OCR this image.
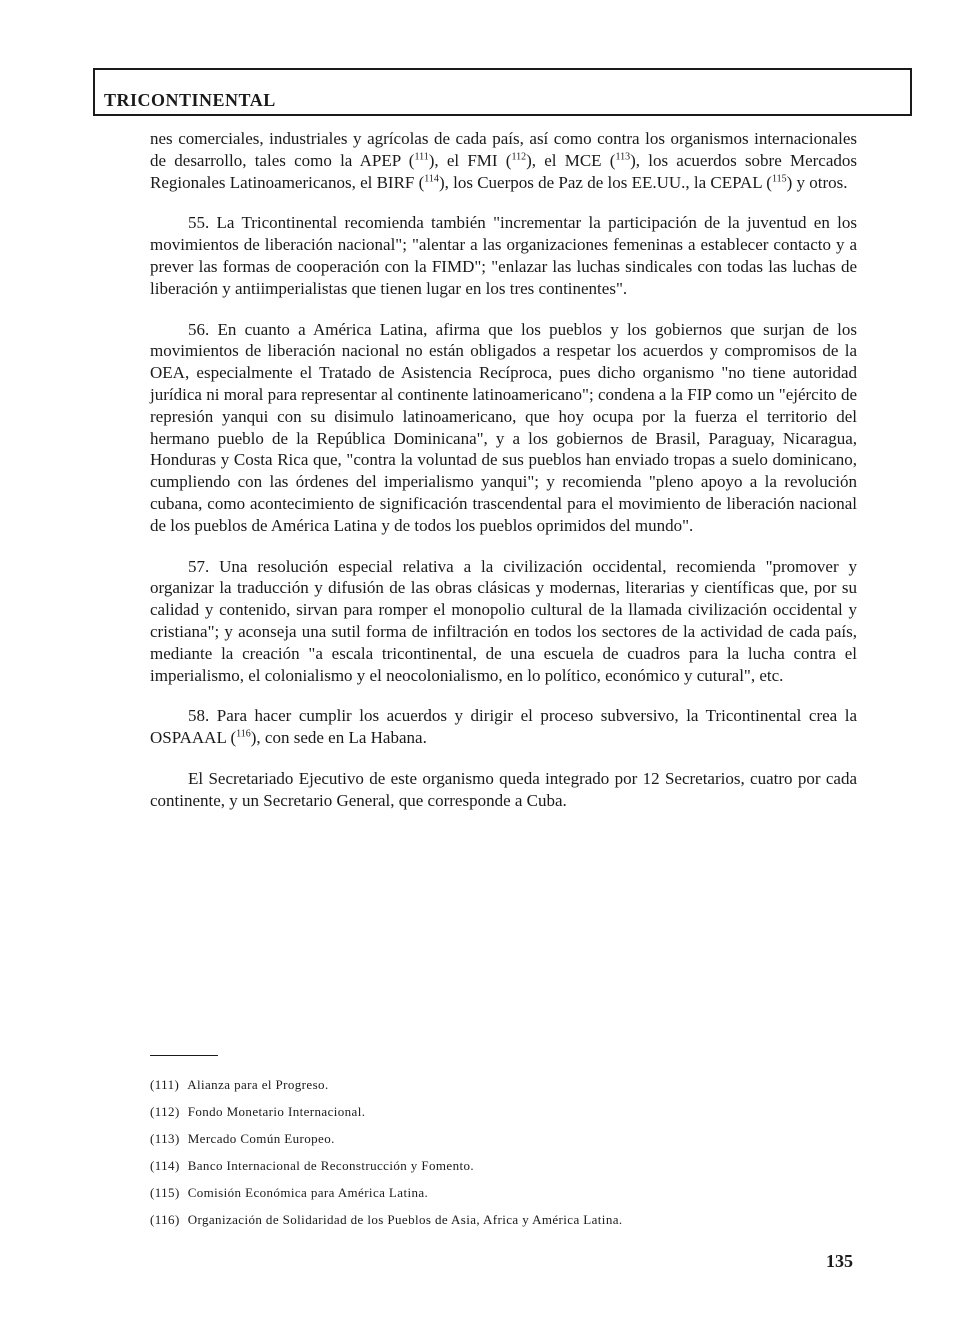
TRICONTINENTAL

nes comerciales, industriales y agrícolas de cada país, así como contra los organismos internacionales de desarrollo, tales como la APEP ($^{111}$), el FMI ($^{112}$), el MCE ($^{113}$), los acuerdos sobre Mercados Regionales Latinoamericanos, el BIRF ($^{114}$), los Cuerpos de Paz de los EE.UU., la CEPAL ($^{115}$) y otros.

55. La Tricontinental recomienda también "incrementar la participación de la juventud en los movimientos de liberación nacional"; "alentar a las organizaciones femeninas a establecer contacto y a prever las formas de cooperación con la FIMD"; "enlazar las luchas sindicales con todas las luchas de liberación y antiimperialistas que tienen lugar en los tres continentes".

56. En cuanto a América Latina, afirma que los pueblos y los gobiernos que surjan de los movimientos de liberación nacional no están obligados a respetar los acuerdos y compromisos de la OEA, especialmente el Tratado de Asistencia Recíproca, pues dicho organismo "no tiene autoridad jurídica ni moral para representar al continente latinoamericano"; condena a la FIP como un "ejército de represión yanqui con su disimulo latinoamericano, que hoy ocupa por la fuerza el territorio del hermano pueblo de la República Dominicana", y a los gobiernos de Brasil, Paraguay, Nicaragua, Honduras y Costa Rica que, "contra la voluntad de sus pueblos han enviado tropas a suelo dominicano, cumpliendo con las órdenes del imperialismo yanqui"; y recomienda "pleno apoyo a la revolución cubana, como acontecimiento de significación trascendental para el movimiento de liberación nacional de los pueblos de América Latina y de todos los pueblos oprimidos del mundo".

57. Una resolución especial relativa a la civilización occidental, recomienda "promover y organizar la traducción y difusión de las obras clásicas y modernas, literarias y científicas que, por su calidad y contenido, sirvan para romper el monopolio cultural de la llamada civilización occidental y cristiana"; y aconseja una sutil forma de infiltración en todos los sectores de la actividad de cada país, mediante la creación "a escala tricontinental, de una escuela de cuadros para la lucha contra el imperialismo, el colonialismo y el neocolonialismo, en lo político, económico y cutural", etc.

58. Para hacer cumplir los acuerdos y dirigir el proceso subversivo, la Tricontinental crea la OSPAAAL ($^{116}$), con sede en La Habana.

El Secretariado Ejecutivo de este organismo queda integrado por 12 Secretarios, cuatro por cada continente, y un Secretario General, que corresponde a Cuba.

(111) Alianza para el Progreso.
(112) Fondo Monetario Internacional.
(113) Mercado Común Europeo.
(114) Banco Internacional de Reconstrucción y Fomento.
(115) Comisión Económica para América Latina.
(116) Organización de Solidaridad de los Pueblos de Asia, Africa y América Latina.
135
